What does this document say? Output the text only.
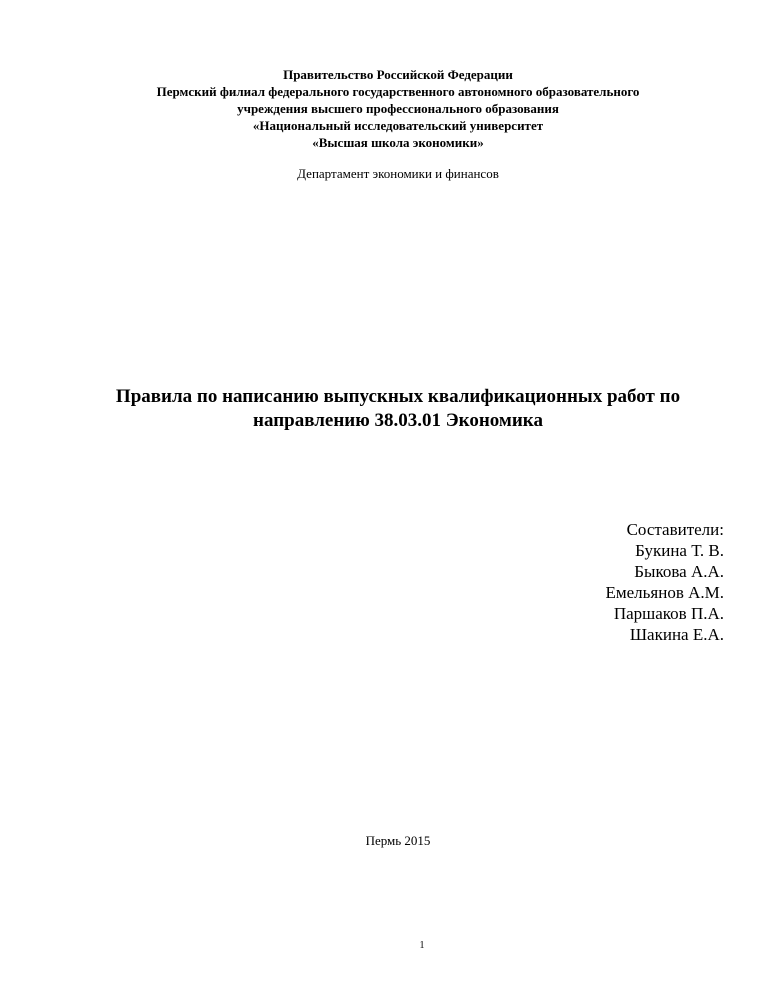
Правительство Российской Федерации
Пермский филиал федерального государственного автономного образовательного
учреждения высшего профессионального образования
«Национальный исследовательский университет
«Высшая школа экономики»
Департамент экономики и финансов
Правила по написанию выпускных квалификационных работ по
направлению 38.03.01 Экономика
Составители:
Букина Т. В.
Быкова А.А.
Емельянов А.М.
Паршаков П.А.
Шакина Е.А.
Пермь 2015
1
